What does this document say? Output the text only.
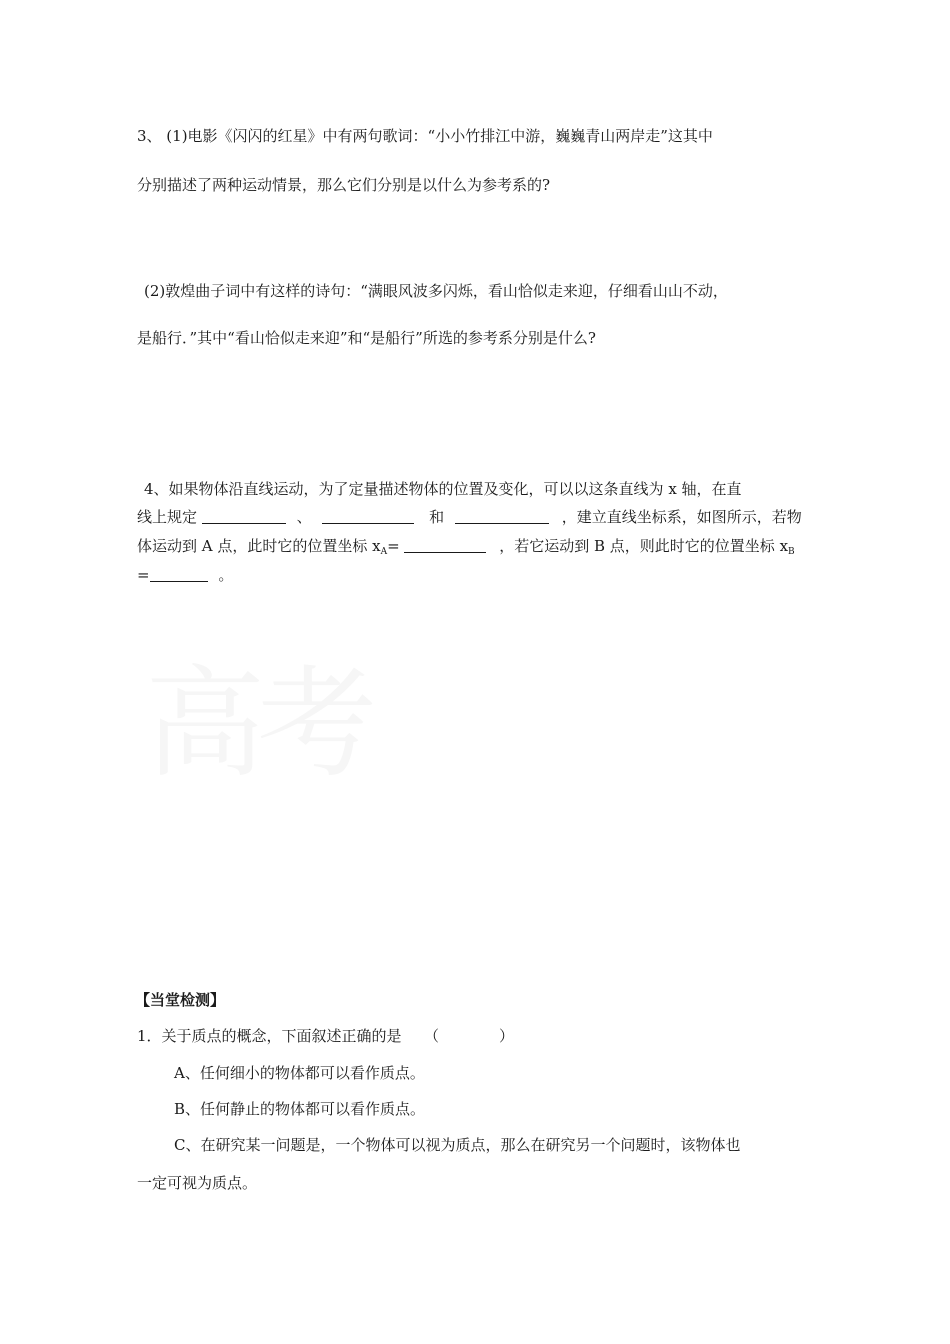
3、 (1)电影《闪闪的红星》中有两句歌词：“小小竹排江中游，巍巍青山两岸走”这其中
分别描述了两种运动情景，那么它们分别是以什么为参考系的?
(2)敦煌曲子词中有这样的诗句：“满眼风波多闪烁，看山恰似走来迎，仔细看山山不动，
是船行．”其中“看山恰似走来迎”和“是船行”所选的参考系分别是什么?
4、如果物体沿直线运动，为了定量描述物体的位置及变化，可以以这条直线为 x 轴，在直
线上规定	、	和	，建立直线坐标系，如图所示，若物
体运动到 A 点，此时它的位置坐标 $x_A=$	，若它运动到 B 点，则此时它的位置坐标 $x_B$
=	。
高考
【当堂检测】
1．关于质点的概念，下面叙述正确的是　　（　　　　）
A、任何细小的物体都可以看作质点。
B、任何静止的物体都可以看作质点。
C、在研究某一问题是，一个物体可以视为质点，那么在研究另一个问题时，该物体也
一定可视为质点。
